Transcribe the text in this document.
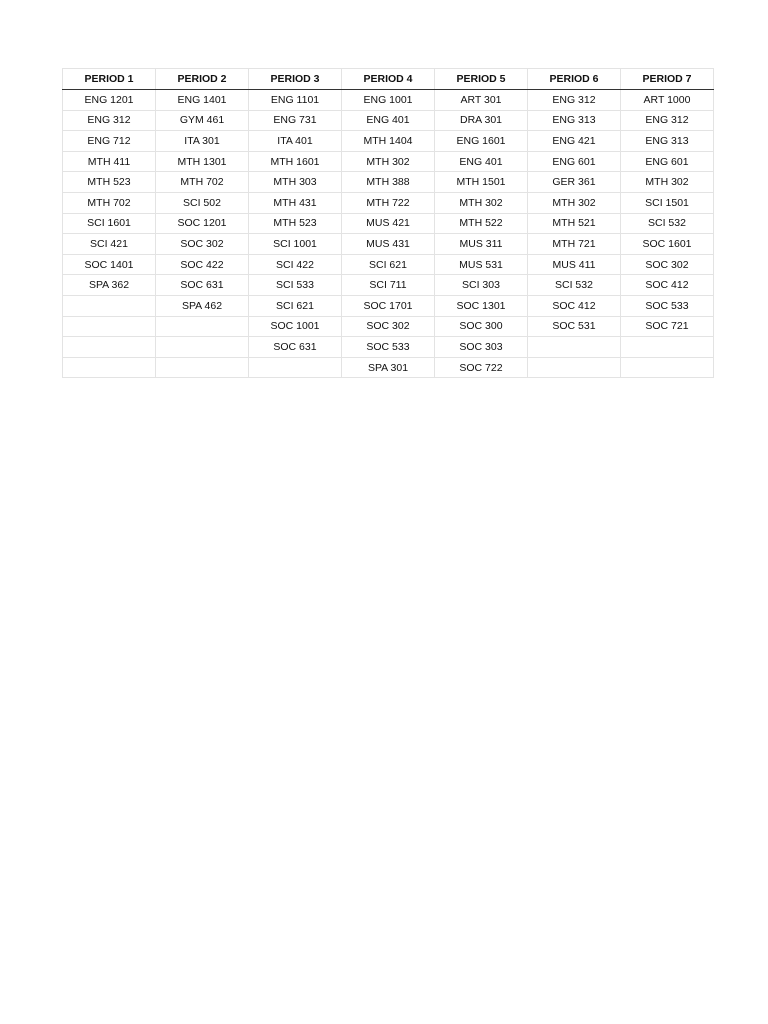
PERIOD 1	PERIOD 2	PERIOD 3	PERIOD 4	PERIOD 5	PERIOD 6	PERIOD 7
ENG 1201	ENG 1401	ENG 1101	ENG 1001	ART 301	ENG 312	ART 1000
ENG 312	GYM 461	ENG 731	ENG 401	DRA 301	ENG 313	ENG 312
ENG 712	ITA 301	ITA 401	MTH 1404	ENG 1601	ENG 421	ENG 313
MTH 411	MTH 1301	MTH 1601	MTH 302	ENG 401	ENG 601	ENG 601
MTH 523	MTH 702	MTH 303	MTH 388	MTH 1501	GER 361	MTH 302
MTH 702	SCI 502	MTH 431	MTH 722	MTH 302	MTH 302	SCI 1501
SCI 1601	SOC 1201	MTH 523	MUS 421	MTH 522	MTH 521	SCI 532
SCI 421	SOC 302	SCI 1001	MUS 431	MUS 311	MTH 721	SOC 1601
SOC 1401	SOC 422	SCI 422	SCI 621	MUS 531	MUS 411	SOC 302
SPA 362	SOC 631	SCI 533	SCI 711	SCI 303	SCI 532	SOC 412
	SPA 462	SCI 621	SOC 1701	SOC 1301	SOC 412	SOC 533
		SOC 1001	SOC 302	SOC 300	SOC 531	SOC 721
		SOC 631	SOC 533	SOC 303		
			SPA 301	SOC 722		
